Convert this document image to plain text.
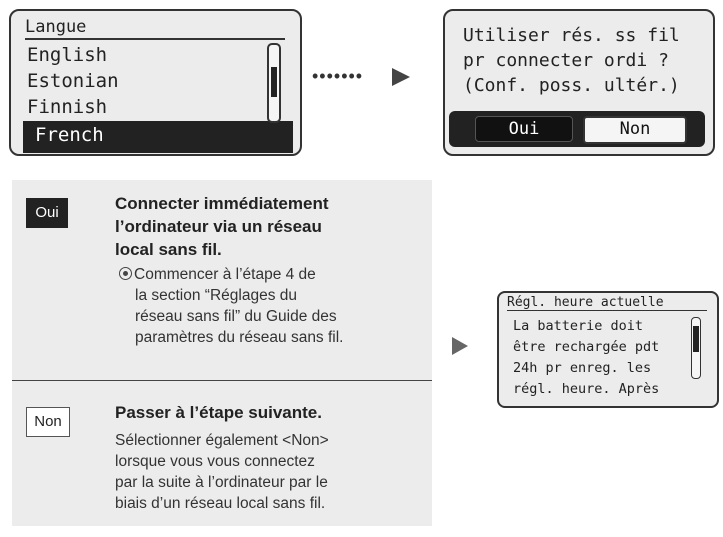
Langue
English
Estonian
Finnish
French
•••••••
Utiliser rés. ss fil
pr connecter ordi ?
(Conf. poss. ultér.)
Oui	Non
Oui	Connecter immédiatement
l’ordinateur via un réseau
local sans fil.
Commencer à l’étape 4 de
la section “Réglages du
réseau sans fil” du Guide des
paramètres du réseau sans fil.
Non	Passer à l’étape suivante.
Sélectionner également <Non>
lorsque vous vous connectez
par la suite à l’ordinateur par le
biais d’un réseau local sans fil.
Régl. heure actuelle
La batterie doit
être rechargée pdt
24h pr enreg. les
régl. heure. Après
